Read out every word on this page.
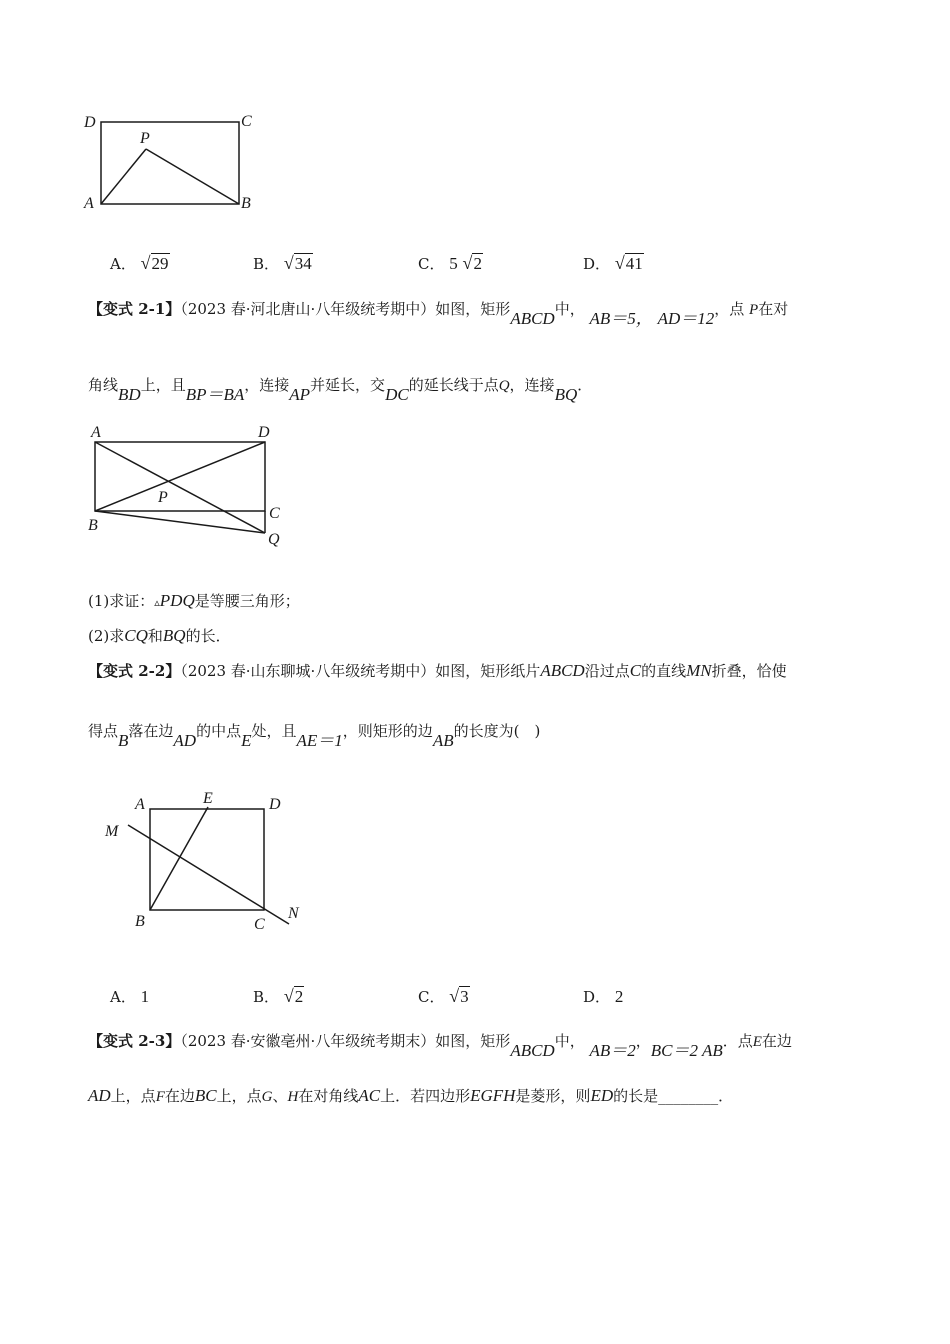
D	C
P
A	B
A． √29	B． √34	C． 5 √2	D． √41
【变式 2-1】（2023 春·河北唐山·八年级统考期中）如图，矩形ABCD中， AB＝5， AD＝12，点 P在对
角线BD上，且BP＝BA，连接AP并延长，交DC的延长线于点Q，连接BQ．
A	D
P
C
B
Q
(1)求证：▵PDQ是等腰三角形；
(2)求CQ和BQ的长．
【变式 2-2】（2023 春·山东聊城·八年级统考期中）如图，矩形纸片ABCD沿过点C的直线MN折叠，恰使
得点B落在边AD的中点E处，且AE＝1，则矩形的边AB的长度为(　)
A	E	D
M
B	C
N
A． 1	B． √2	C． √3	D． 2
【变式 2-3】（2023 春·安徽亳州·八年级统考期末）如图，矩形ABCD中， AB＝2，BC＝2 AB．点E在边
AD上，点F在边BC上，点G、H在对角线AC上．若四边形EGFH是菱形，则ED的长是________．
